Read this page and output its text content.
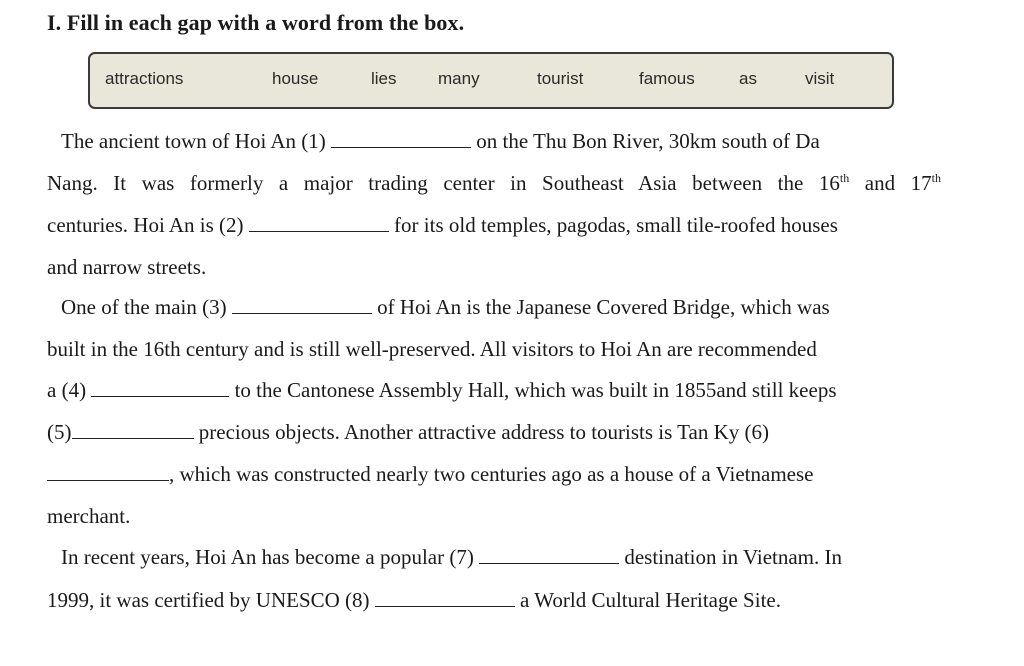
I. Fill in each gap with a word from the box.
attractions	house	lies many	tourist	famous	as	visit
The ancient town of Hoi An (1)	on the Thu Bon River, 30km south of Da
Nang. It was formerly a major trading center in Southeast Asia between the 16th and 17th
centuries. Hoi An is (2)	for its old temples, pagodas, small tile-roofed houses
and narrow streets.
One of the main (3)	of Hoi An is the Japanese Covered Bridge, which was
built in the 16th century and is still well-preserved. All visitors to Hoi An are recommended
a (4)	to the Cantonese Assembly Hall, which was built in 1855and still keeps
(5)	precious objects. Another attractive address to tourists is Tan Ky (6)
, which was constructed nearly two centuries ago as a house of a Vietnamese
merchant.
In recent years, Hoi An has become a popular (7)	destination in Vietnam. In
1999, it was certified by UNESCO (8)	a World Cultural Heritage Site.
